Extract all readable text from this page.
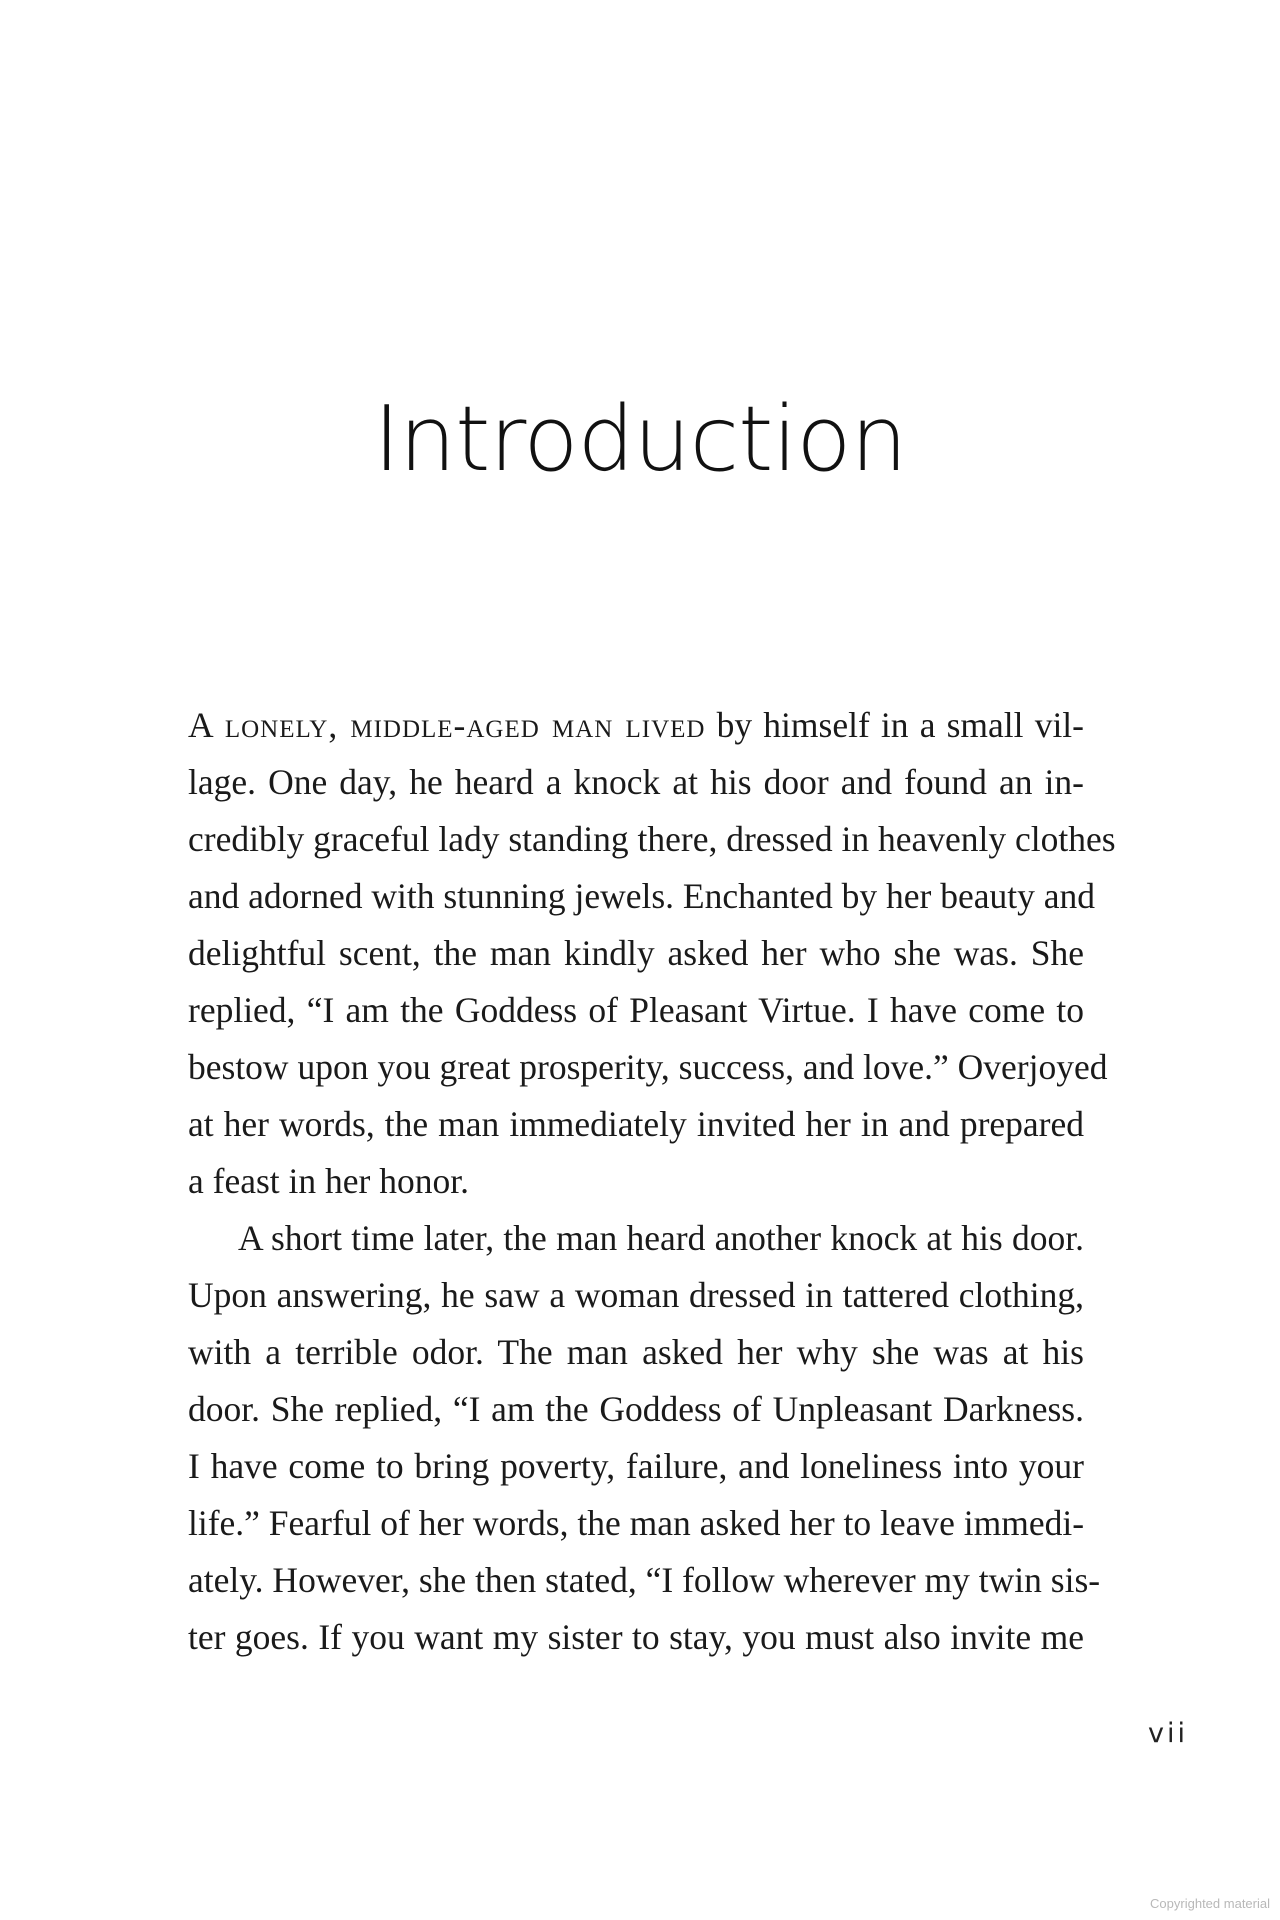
Introduction

A lonely, middle-aged man lived by himself in a small vil-
lage. One day, he heard a knock at his door and found an in-
credibly graceful lady standing there, dressed in heavenly clothes
and adorned with stunning jewels. Enchanted by her beauty and
delightful scent, the man kindly asked her who she was. She
replied, “I am the Goddess of Pleasant Virtue. I have come to
bestow upon you great prosperity, success, and love.” Overjoyed
at her words, the man immediately invited her in and prepared
a feast in her honor.

A short time later, the man heard another knock at his door.
Upon answering, he saw a woman dressed in tattered clothing,
with a terrible odor. The man asked her why she was at his
door. She replied, “I am the Goddess of Unpleasant Darkness.
I have come to bring poverty, failure, and loneliness into your
life.” Fearful of her words, the man asked her to leave immedi-
ately. However, she then stated, “I follow wherever my twin sis-
ter goes. If you want my sister to stay, you must also invite me

vii
Copyrighted material
